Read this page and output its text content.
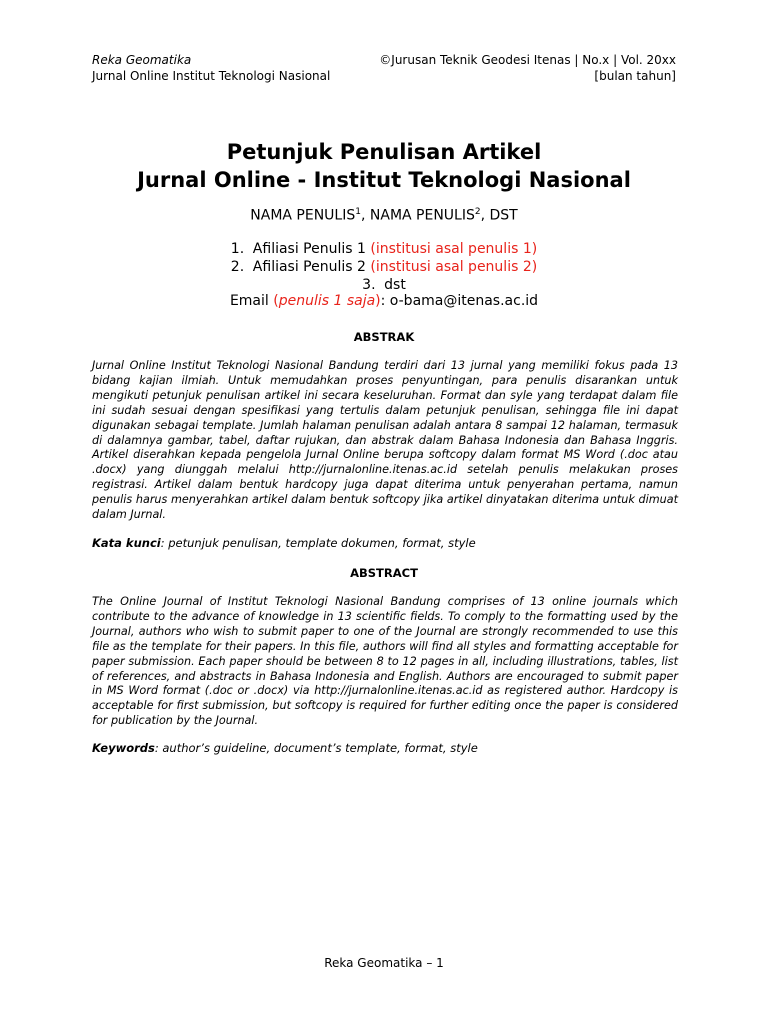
Reka Geomatika
Jurnal Online Institut Teknologi Nasional
©Jurusan Teknik Geodesi Itenas | No.x | Vol. 20xx
[bulan tahun]
Petunjuk Penulisan Artikel
Jurnal Online - Institut Teknologi Nasional
NAMA PENULIS$^1$, NAMA PENULIS$^2$, DST
1. Afiliasi Penulis 1 (institusi asal penulis 1)
2. Afiliasi Penulis 2 (institusi asal penulis 2)
3. dst
Email (penulis 1 saja): o-bama@itenas.ac.id
ABSTRAK
Jurnal Online Institut Teknologi Nasional Bandung terdiri dari 13 jurnal yang memiliki fokus pada 13 bidang kajian ilmiah. Untuk memudahkan proses penyuntingan, para penulis disarankan untuk mengikuti petunjuk penulisan artikel ini secara keseluruhan. Format dan syle yang terdapat dalam file ini sudah sesuai dengan spesifikasi yang tertulis dalam petunjuk penulisan, sehingga file ini dapat digunakan sebagai template. Jumlah halaman penulisan adalah antara 8 sampai 12 halaman, termasuk di dalamnya gambar, tabel, daftar rujukan, dan abstrak dalam Bahasa Indonesia dan Bahasa Inggris. Artikel diserahkan kepada pengelola Jurnal Online berupa softcopy dalam format MS Word (.doc atau .docx) yang diunggah melalui http://jurnalonline.itenas.ac.id setelah penulis melakukan proses registrasi. Artikel dalam bentuk hardcopy juga dapat diterima untuk penyerahan pertama, namun penulis harus menyerahkan artikel dalam bentuk softcopy jika artikel dinyatakan diterima untuk dimuat dalam Jurnal.
Kata kunci: petunjuk penulisan, template dokumen, format, style
ABSTRACT
The Online Journal of Institut Teknologi Nasional Bandung comprises of 13 online journals which contribute to the advance of knowledge in 13 scientific fields. To comply to the formatting used by the Journal, authors who wish to submit paper to one of the Journal are strongly recommended to use this file as the template for their papers. In this file, authors will find all styles and formatting acceptable for paper submission. Each paper should be between 8 to 12 pages in all, including illustrations, tables, list of references, and abstracts in Bahasa Indonesia and English. Authors are encouraged to submit paper in MS Word format (.doc or .docx) via http://jurnalonline.itenas.ac.id as registered author. Hardcopy is acceptable for first submission, but softcopy is required for further editing once the paper is considered for publication by the Journal.
Keywords: author’s guideline, document’s template, format, style
Reka Geomatika – 1
